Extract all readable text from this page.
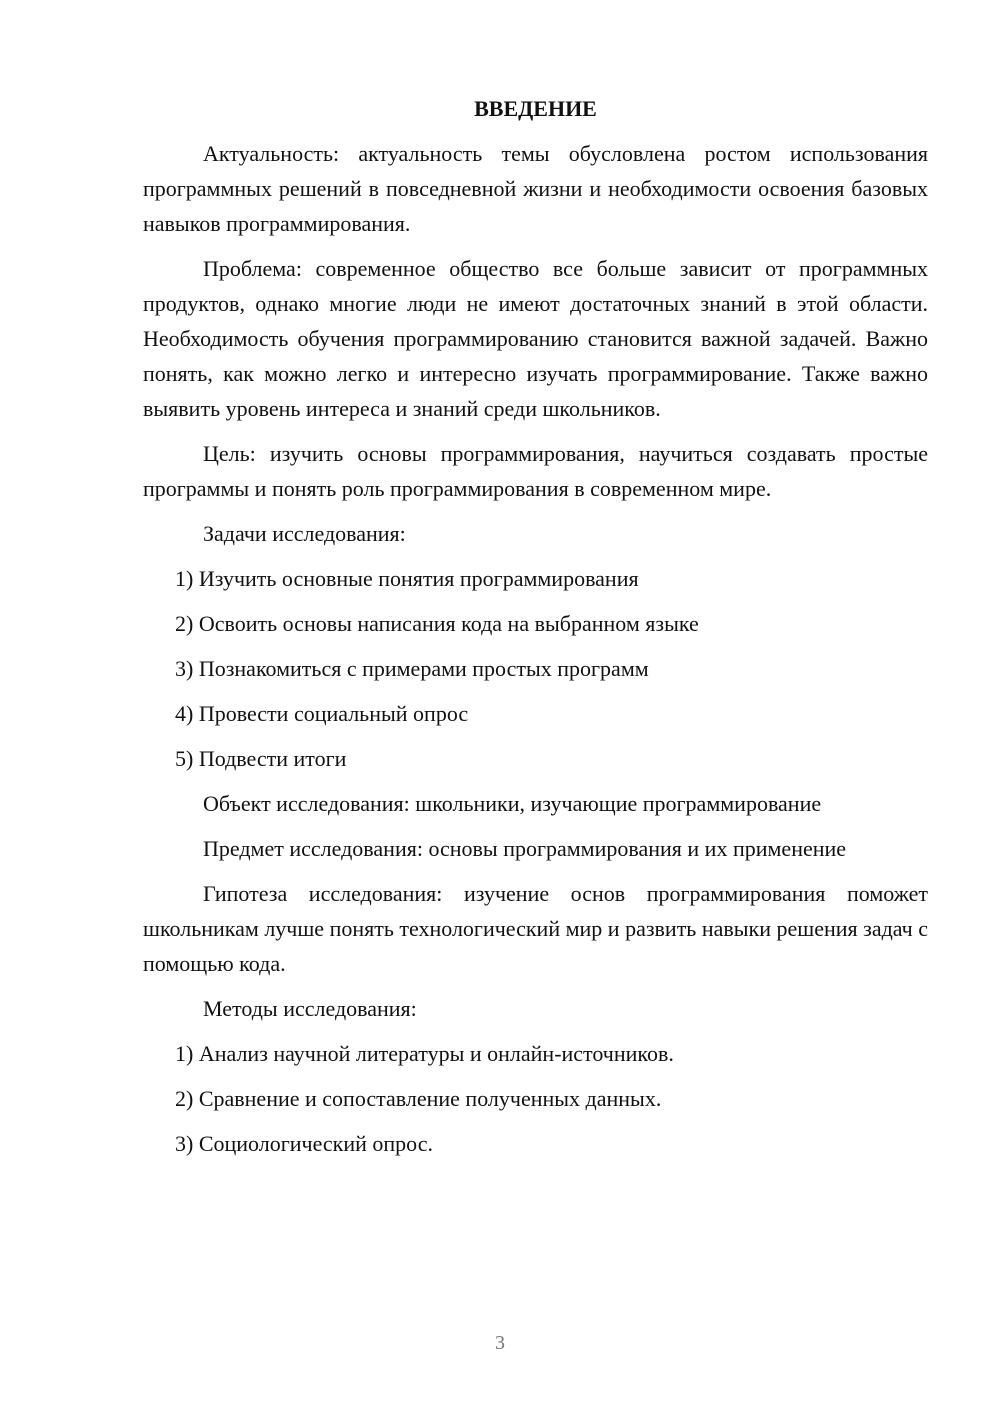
ВВЕДЕНИЕ
Актуальность: актуальность темы обусловлена ростом использования программных решений в повседневной жизни и необходимости освоения базовых навыков программирования.
Проблема: современное общество все больше зависит от программных продуктов, однако многие люди не имеют достаточных знаний в этой области. Необходимость обучения программированию становится важной задачей. Важно понять, как можно легко и интересно изучать программирование. Также важно выявить уровень интереса и знаний среди школьников.
Цель: изучить основы программирования, научиться создавать простые программы и понять роль программирования в современном мире.
Задачи исследования:
1) Изучить основные понятия программирования
2) Освоить основы написания кода на выбранном языке
3) Познакомиться с примерами простых программ
4) Провести социальный опрос
5) Подвести итоги
Объект исследования: школьники, изучающие программирование
Предмет исследования: основы программирования и их применение
Гипотеза исследования: изучение основ программирования поможет школьникам лучше понять технологический мир и развить навыки решения задач с помощью кода.
Методы исследования:
1) Анализ научной литературы и онлайн-источников.
2) Сравнение и сопоставление полученных данных.
3) Социологический опрос.
3
